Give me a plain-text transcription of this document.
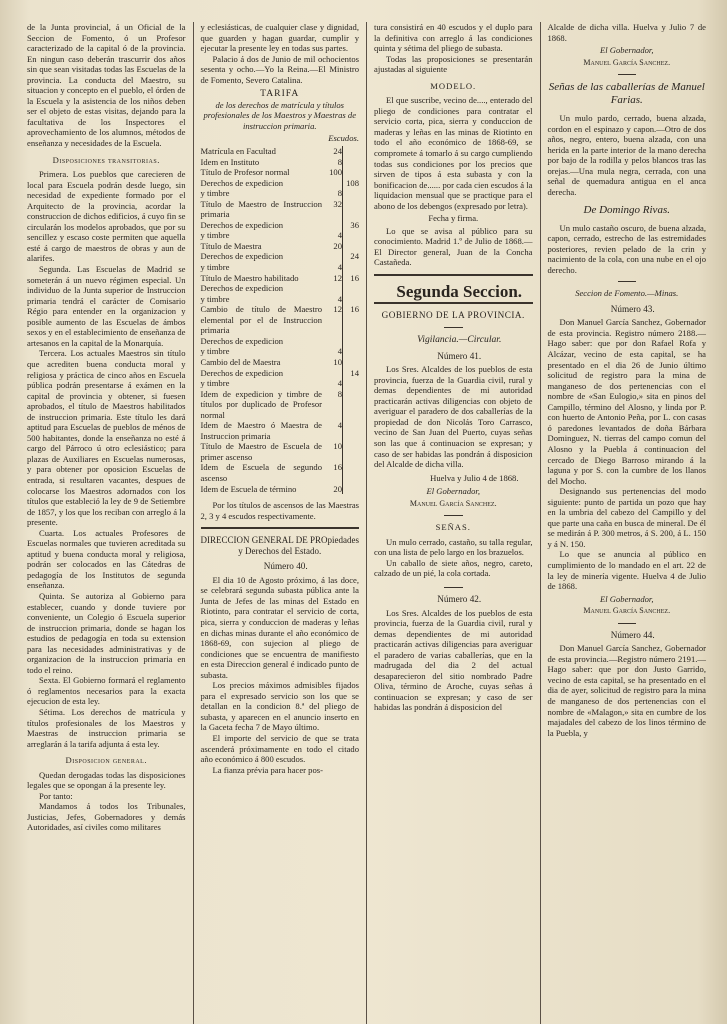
de la Junta provincial, á un Oficial de la Seccion de Fomento, ó un Profesor caracterizado de la capital ó de la provincia. En ningun caso deberán trascurrir dos años sin que sean visitadas todas las Escuelas de la provincia. La conducta del Maestro, su situacion y concepto en el pueblo, el órden de la Escuela y la asistencia de los niños deben ser el objeto de estas visitas, dejando para la facultativa de los Inspectores el aprovechamiento de los alumnos, métodos de enseñanza y necesidades de la Escuela.

Disposiciones transitorias.

Primera. Los pueblos que carecieren de local para Escuela podrán desde luego, sin necesidad de expediente formado por el Arquitecto de la provincia, acordar la construccion de dichos edificios, á cuyo fin se circularán los modelos aprobados, que por su sencillez y escaso coste permiten que aquella esté á cargo de maestros de obras y aun de alarifes.

Segunda. Las Escuelas de Madrid se someterán á un nuevo régimen especial. Un individuo de la Junta superior de Instruccion primaria tendrá el carácter de Comisario Régio para entender en la organizacion y posible aumento de las Escuelas de ámbos sexos y en el establecimiento de enseñanza de artesanos en la capital de la Monarquía.

Tercera. Los actuales Maestros sin título que acrediten buena conducta moral y religiosa y práctica de cinco años en Escuela pública podrán presentarse á exámen en la capital de provincia y obtener, si fuesen aprobados, el título de Maestros habilitados de instruccion primaria. Este título les dará aptitud para Escuelas de pueblos de ménos de 500 habitantes, donde la enseñanza no esté á cargo del Párroco ú otro eclesiástico; para plazas de Auxiliares en Escuelas numerosas, y para obtener por oposicion Escuelas de entrada, si resultaren vacantes, despues de colocarse los Maestros adornados con los títulos que estableció la ley de 9 de Setiembre de 1857, y los que los reciban con arreglo á la presente.

Cuarta. Los actuales Profesores de Escuelas normales que tuvieren acreditada su aptitud y buena conducta moral y religiosa, podrán ser colocados en las Cátedras de pedagogía de los Institutos de segunda enseñanza.

Quinta. Se autoriza al Gobierno para establecer, cuando y donde tuviere por conveniente, un Colegio ó Escuela superior de instruccion primaria, donde se hagan los estudios de pedagogía en toda su extension para las necesidades administrativas y de organizacion de la instruccion primaria en todo el reino.

Sexta. El Gobierno formará el reglamento ó reglamentos necesarios para la exacta ejecucion de esta ley.

Sétima. Los derechos de matrícula y títulos profesionales de los Maestros y Maestras de instruccion primaria se arreglarán á la tarifa adjunta á esta ley.

Disposicion general.

Quedan derogadas todas las disposiciones legales que se opongan á la presente ley.

Por tanto:

Mandamos á todos los Tribunales, Justicias, Jefes, Gobernadores y demás Autoridades, así civiles como militares

y eclesiásticas, de cualquier clase y dignidad, que guarden y hagan guardar, cumplir y ejecutar la presente ley en todas sus partes.

Palacio á dos de Junio de mil ochocientos sesenta y ocho.—Yo la Reina.—El Ministro de Fomento, Severo Catalina.

TARIFA

de los derechos de matrícula y títulos profesionales de los Maestros y Maestras de instruccion primaria.

Escudos.

Matrícula en Facultad	24	
Idem en Instituto	8	
Título de Profesor normal	100	
Derechos de expedicion		108
y timbre	8	
Título de Maestro de Instruccion primaria	32	
Derechos de expedicion		36
y timbre	4	
Título de Maestra	20	
Derechos de expedicion		24
y timbre	4	
Título de Maestro habilitado	12	16
Derechos de expedicion		
y timbre	4	
Cambio de título de Maestro elemental por el de Instruccion primaria	12	16
Derechos de expedicion		
y timbre	4	
Cambio del de Maestra	10	
Derechos de expedicion		14
y timbre	4	
Idem de expedicion y timbre de títulos por duplicado de Profesor normal	8	
Idem de Maestro ó Maestra de Instruccion primaria	4	
Título de Maestro de Escuela de primer ascenso	10	
Idem de Escuela de segundo ascenso	16	
Idem de Escuela de término	20	

Por los títulos de ascensos de las Maestras 2, 3 y 4 escudos respectivamente.

DIRECCION GENERAL DE PROpiedades y Derechos del Estado.

Número 40.

El dia 10 de Agosto próximo, á las doce, se celebrará segunda subasta pública ante la Junta de Jefes de las minas del Estado en Riotinto, para contratar el servicio de corta, pica, sierra y conduccion de maderas y leñas en dichas minas durante el año económico de 1868-69, con sujecion al pliego de condiciones que se encuentra de manifiesto en esta Direccion general é indicado punto de subasta.

Los precios máximos admisibles fijados para el expresado servicio son los que se detallan en la condicion 8.ª del pliego de subasta, y aparecen en el anuncio inserto en la Gaceta fecha 7 de Mayo último.

El importe del servicio de que se trata ascenderá próximamente en todo el citado año económico á 800 escudos.

La fianza prévia para hacer pos-

tura consistirá en 40 escudos y el duplo para la definitiva con arreglo á las condiciones quinta y sétima del pliego de subasta.

Todas las proposiciones se presentarán ajustadas al siguiente

MODELO.

El que suscribe, vecino de...., enterado del pliego de condiciones para contratar el servicio corta, pica, sierra y conduccion de maderas y leñas en las minas de Riotinto en todo el año económico de 1868-69, se compromete á tomarlo á su cargo cumpliendo todas sus condiciones por los precios que sirven de tipos á esta subasta y con la bonificacion de...... por cada cien escudos á la liquidacion mensual que se practique para el abono de los debengos (expresado por letra).

Fecha y firma.

Lo que se avisa al público para su conocimiento. Madrid 1.º de Julio de 1868.—El Director general, Juan de la Concha Castañeda.

Segunda Seccion.

GOBIERNO DE LA PROVINCIA.

Vigilancia.—Circular.

Número 41.

Los Sres. Alcaldes de los pueblos de esta provincia, fuerza de la Guardia civil, rural y demas dependientes de mi autoridad practicarán activas diligencias con objeto de averiguar el paradero de dos caballerías de la propiedad de don Nicolás Toro Carrasco, vecino de San Juan del Puerto, cuyas señas son las que á continuacion se expresan; y caso de ser habidas las pondrán á disposicion del Alcalde de dicha villa.

Huelva y Julio 4 de 1868.

El Gobernador,

Manuel García Sanchez.

SEÑAS.

Un mulo cerrado, castaño, su talla regular, con una lista de pelo largo en los brazuelos.

Un caballo de siete años, negro, careto, calzado de un pié, la cola cortada.

Número 42.

Los Sres. Alcaldes de los pueblos de esta provincia, fuerza de la Guardia civil, rural y demas dependientes de mi autoridad practicarán activas diligencias para averiguar el paradero de varias caballerías, que en la madrugada del dia 2 del actual desaparecieron del sitio nombrado Padre Oliva, término de Aroche, cuyas señas á continuacion se expresan; y caso de ser habidas las pondrán á disposicion del

Alcalde de dicha villa. Huelva y Julio 7 de 1868.

El Gobernador,

Manuel García Sanchez.

Señas de las caballerías de Manuel Farias.

Un mulo pardo, cerrado, buena alzada, cordon en el espinazo y capon.—Otro de dos años, negro, entero, buena alzada, con una herida en la parte interior de la mano derecha por bajo de la rodilla y pelos blancos tras las orejas.—Una mula negra, cerrada, con una señal de quemadura antigua en el anca derecha.

De Domingo Rivas.

Un mulo castaño oscuro, de buena alzada, capon, cerrado, estrecho de las estremidades posteriores, revien pelado de la crin y nacimiento de la cola, con una nube en el ojo derecho.

Seccion de Fomento.—Minas.

Número 43.

Don Manuel García Sanchez, Gobernador de esta provincia. Registro número 2188.—Hago saber: que por don Rafael Rofa y Alcázar, vecino de esta capital, se ha presentado en el dia 26 de Junio último solicitud de registro para la mina de manganeso de dos pertenencias con el nombre de «San Eulogio,» sita en pinos del Campillo, término del Alosno, y linda por P. con huerto de Antonio Peña, por L. con casas ó paredones levantados de doña Bárbara Dominguez, N. tierras del campo comun del Alosno y la Puebla á continuacion del cercado de Diego Barroso mirando á la laguna y por S. con la cumbre de los llanos del Mocho.

Designando sus pertenencias del modo siguiente: punto de partida un pozo que hay en la umbria del cabezo del Campillo y del que parte una caña en busca de mineral. De él se medirán á P. 300 metros, á S. 200, á L. 150 y á N. 150.

Lo que se anuncia al público en cumplimiento de lo mandado en el art. 22 de la ley de minería vigente. Huelva 4 de Julio de 1868.

El Gobernador,

Manuel García Sanchez.

Número 44.

Don Manuel García Sanchez, Gobernador de esta provincia.—Registro número 2191.—Hago saber: que por don Justo Garrido, vecino de esta capital, se ha presentado en el dia de ayer, solicitud de registro para la mina de manganeso de dos pertenencias con el nombre de «Malagon,» sita en cumbre de los majadales del cabezo de los linos término de la Puebla, y
